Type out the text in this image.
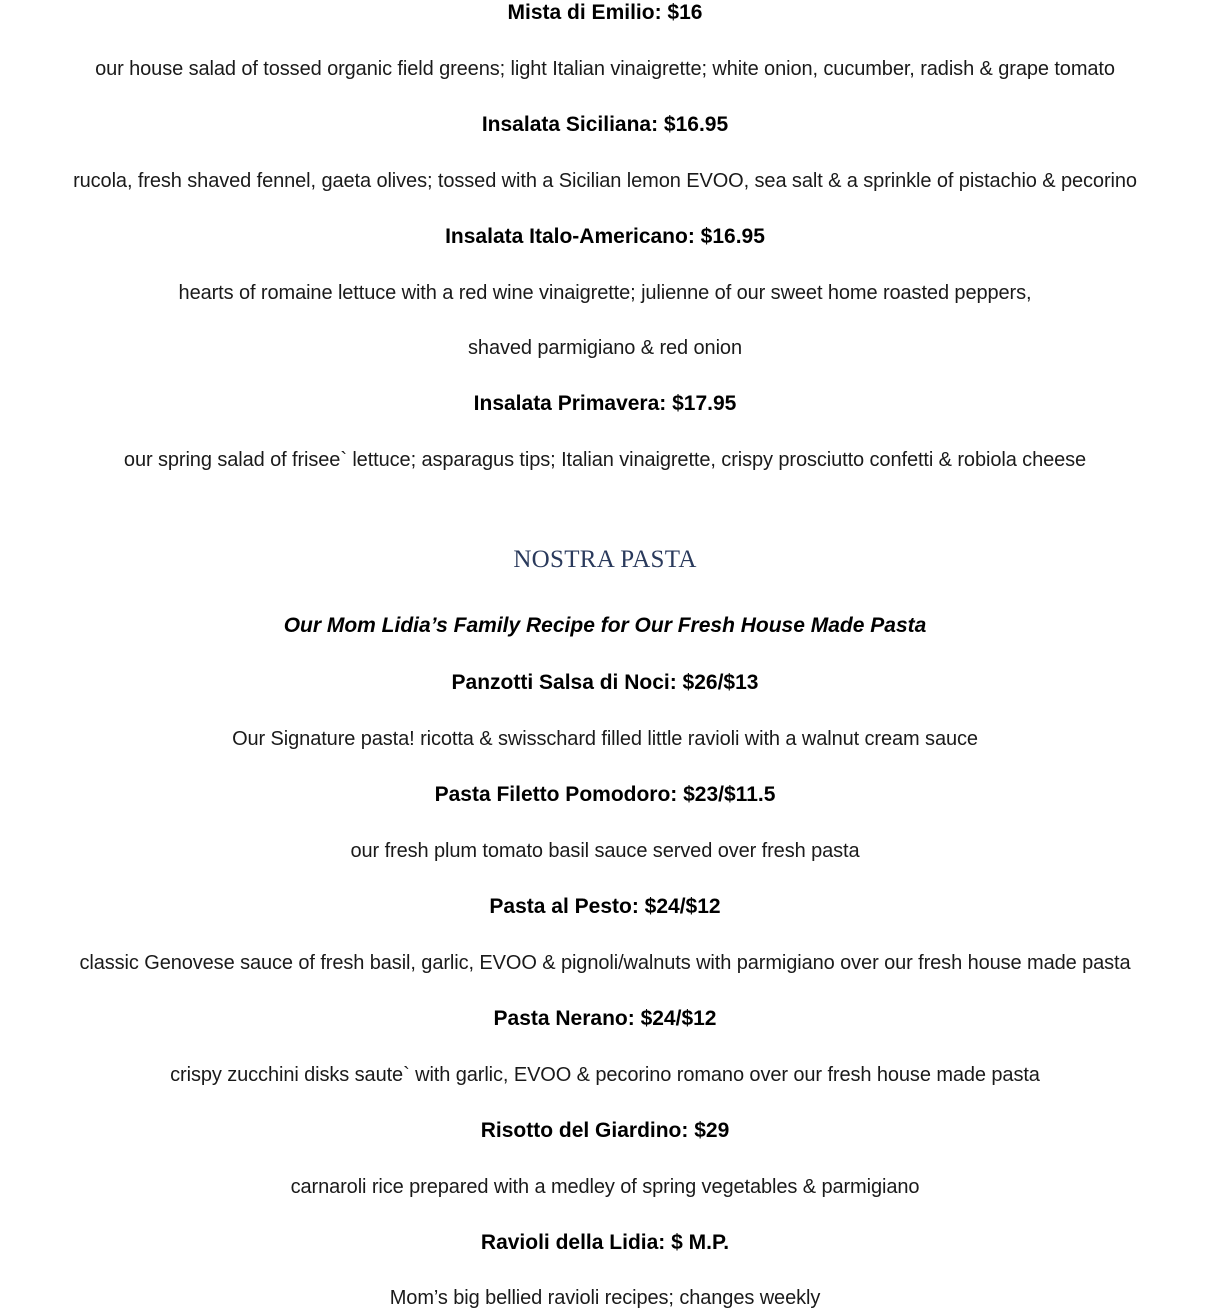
Mista di Emilio: $16
our house salad of tossed organic field greens; light Italian vinaigrette; white onion, cucumber, radish & grape tomato
Insalata Siciliana: $16.95
rucola, fresh shaved fennel, gaeta olives; tossed with a Sicilian lemon EVOO, sea salt & a sprinkle of pistachio & pecorino
Insalata Italo-Americano: $16.95
hearts of romaine lettuce with a red wine vinaigrette; julienne of our sweet home roasted peppers,
shaved parmigiano & red onion
Insalata Primavera: $17.95
our spring salad of frisee` lettuce; asparagus tips; Italian vinaigrette, crispy prosciutto confetti & robiola cheese
NOSTRA PASTA
Our Mom Lidia’s Family Recipe for Our Fresh House Made Pasta
Panzotti Salsa di Noci: $26/$13
Our Signature pasta! ricotta & swisschard filled little ravioli with a walnut cream sauce
Pasta Filetto Pomodoro: $23/$11.5
our fresh plum tomato basil sauce served over fresh pasta
Pasta al Pesto: $24/$12
classic Genovese sauce of fresh basil, garlic, EVOO & pignoli/walnuts with parmigiano over our fresh house made pasta
Pasta Nerano: $24/$12
crispy zucchini disks saute` with garlic, EVOO & pecorino romano over our fresh house made pasta
Risotto del Giardino: $29
carnaroli rice prepared with a medley of spring vegetables & parmigiano
Ravioli della Lidia: $ M.P.
Mom’s big bellied ravioli recipes; changes weekly
